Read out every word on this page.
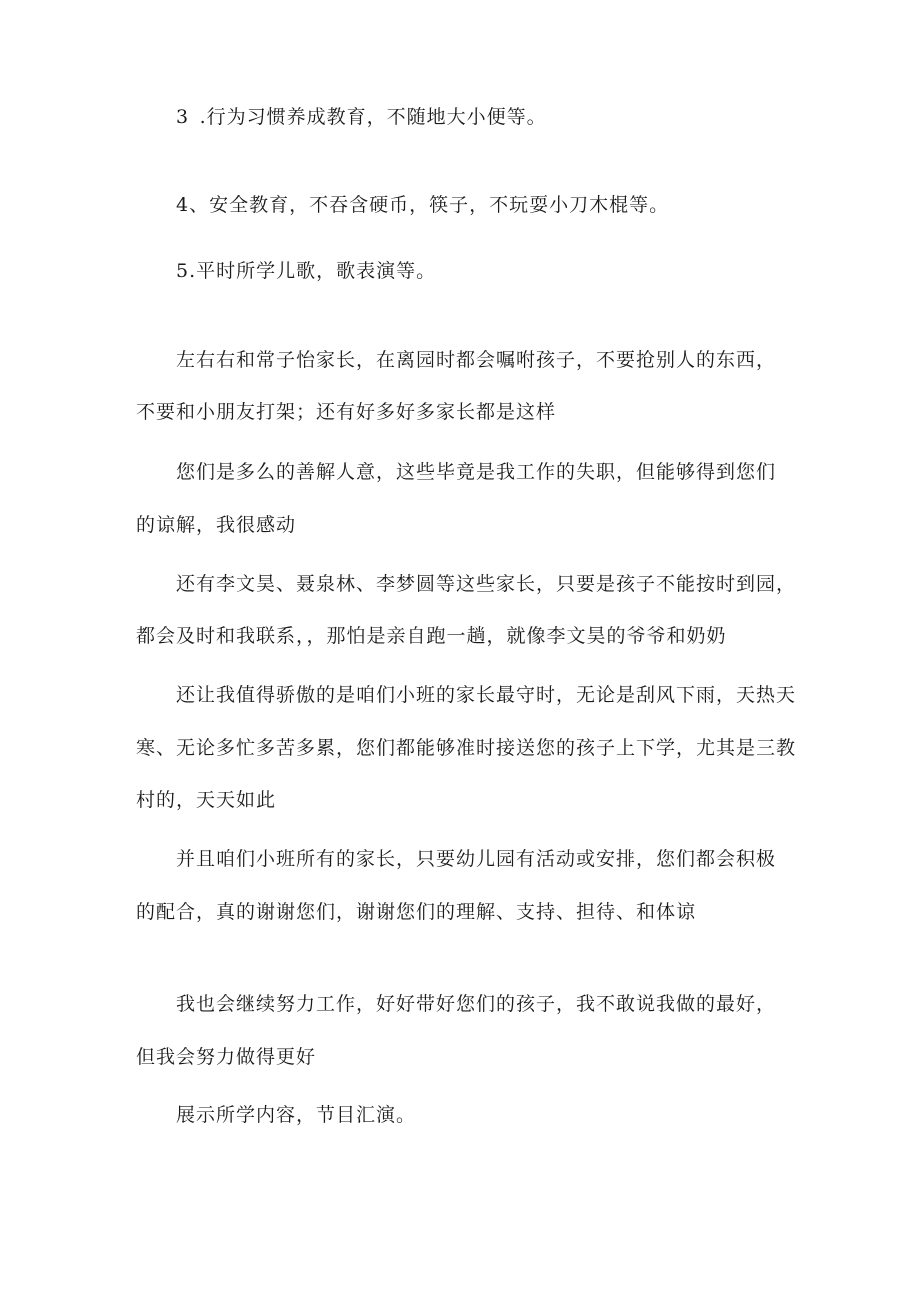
3 .行为习惯养成教育，不随地大小便等。

4、安全教育，不吞含硬币，筷子，不玩耍小刀木棍等。

5.平时所学儿歌，歌表演等。

左右右和常子怡家长，在离园时都会嘱咐孩子，不要抢别人的东西，

不要和小朋友打架；还有好多好多家长都是这样

您们是多么的善解人意，这些毕竟是我工作的失职，但能够得到您们

的谅解，我很感动

还有李文昊、聂泉林、李梦圆等这些家长，只要是孩子不能按时到园，

都会及时和我联系，，那怕是亲自跑一趟，就像李文昊的爷爷和奶奶

还让我值得骄傲的是咱们小班的家长最守时，无论是刮风下雨，天热天

寒、无论多忙多苦多累，您们都能够准时接送您的孩子上下学，尤其是三教

村的，天天如此

并且咱们小班所有的家长，只要幼儿园有活动或安排，您们都会积极

的配合，真的谢谢您们，谢谢您们的理解、支持、担待、和体谅

我也会继续努力工作，好好带好您们的孩子，我不敢说我做的最好，

但我会努力做得更好

展示所学内容，节目汇演。
